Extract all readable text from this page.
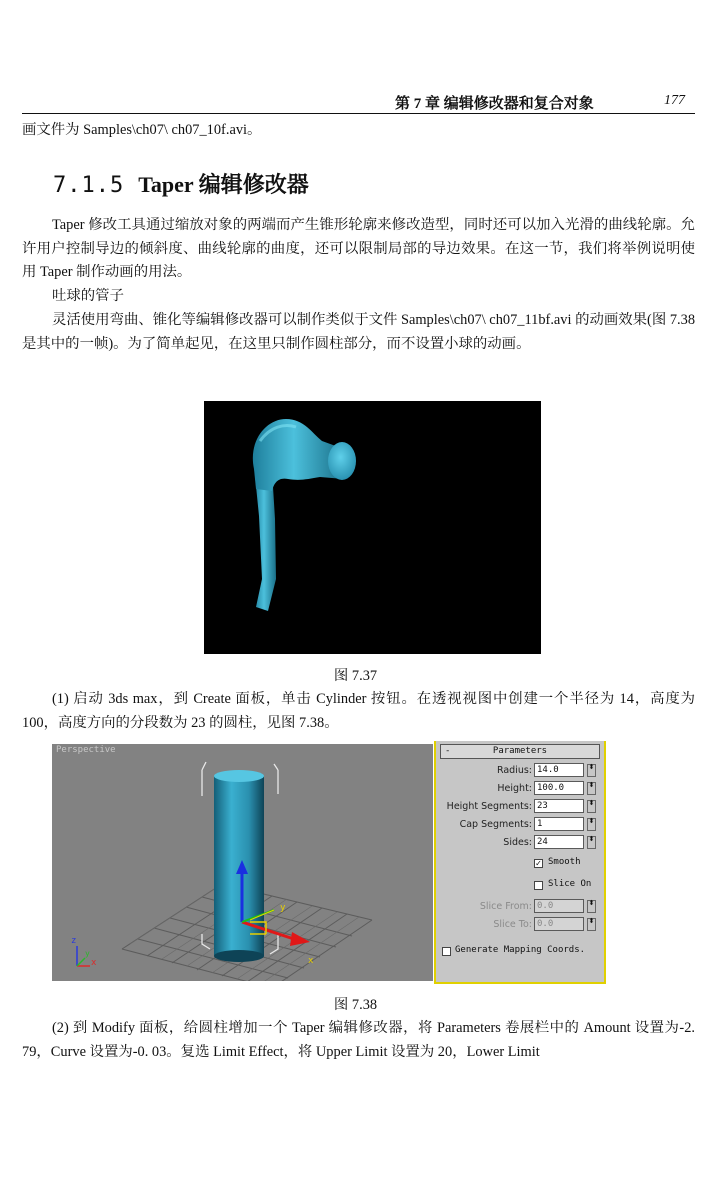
第 7 章 编辑修改器和复合对象	177

画文件为 Samples\ch07\ ch07_10f.avi。

7.1.5 Taper 编辑修改器

Taper 修改工具通过缩放对象的两端而产生锥形轮廓来修改造型，同时还可以加入光滑的曲线轮廓。允许用户控制导边的倾斜度、曲线轮廓的曲度，还可以限制局部的导边效果。在这一节，我们将举例说明使用 Taper 制作动画的用法。

吐球的管子

灵活使用弯曲、锥化等编辑修改器可以制作类似于文件 Samples\ch07\ ch07_11bf.avi 的动画效果(图 7.38 是其中的一帧)。为了简单起见，在这里只制作圆柱部分，而不设置小球的动画。

图 7.37

(1) 启动 3ds max，到 Create 面板，单击 Cylinder 按钮。在透视视图中创建一个半径为 14，高度为 100，高度方向的分段数为 23 的圆柱，见图 7.38。

Perspective
z
x
y
x
y
-	Parameters
Radius: 14.0	⬍
Height: 100.0	⬍
Height Segments: 23	⬍
Cap Segments: 1	⬍
Sides: 24	⬍
✓ Smooth
Slice On
Slice From: 0.0	⬍
Slice To: 0.0	⬍
Generate Mapping Coords.
图 7.38

(2) 到 Modify 面板，给圆柱增加一个 Taper 编辑修改器，将 Parameters 卷展栏中的 Amount 设置为-2. 79，Curve 设置为-0. 03。复选 Limit Effect，将 Upper Limit 设置为 20，Lower Limit
